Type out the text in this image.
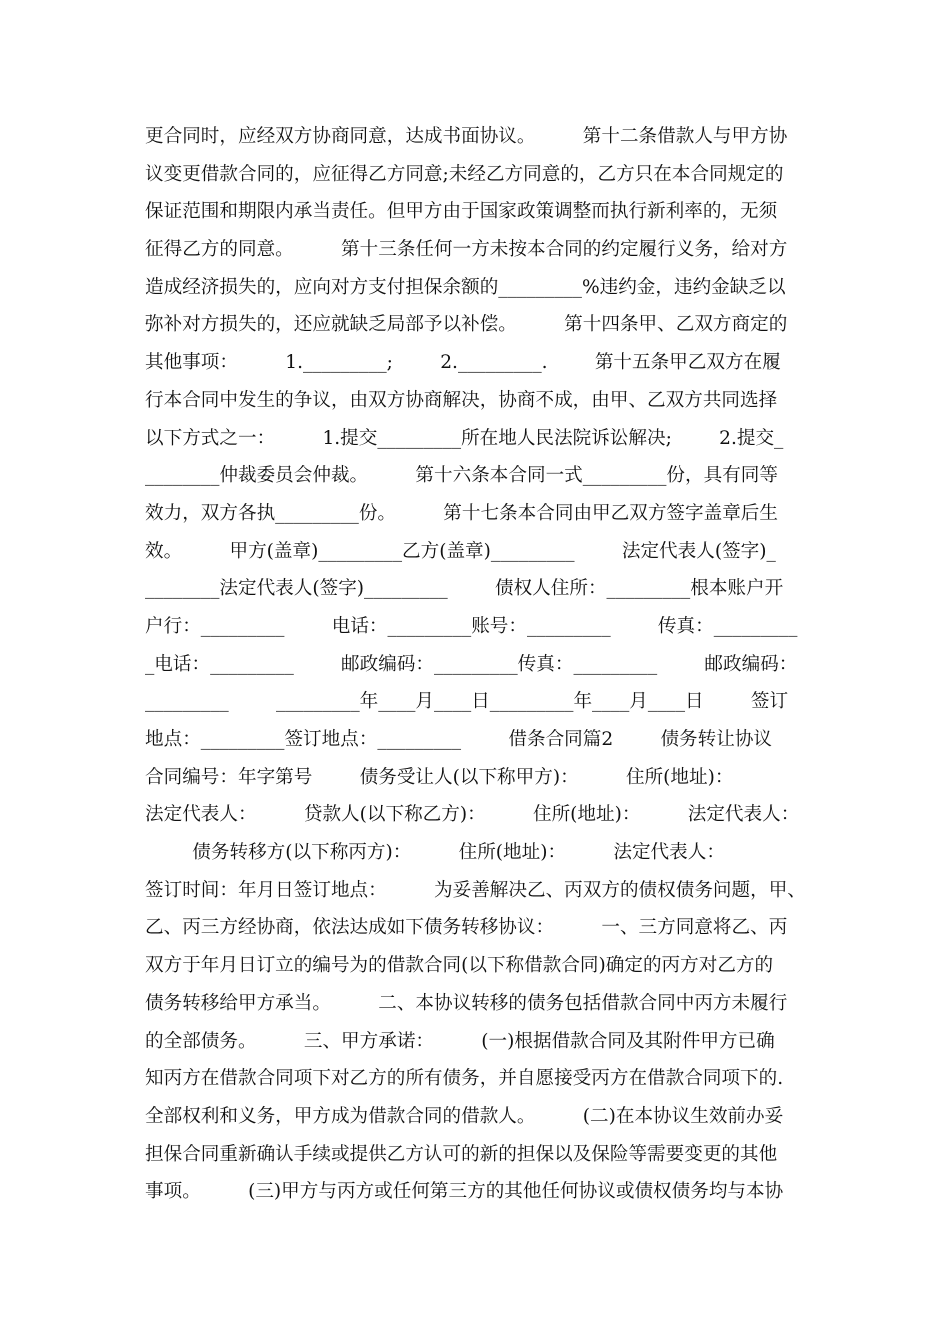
更合同时，应经双方协商同意，达成书面协议。        第十二条借款人与甲方协
议变更借款合同的，应征得乙方同意;未经乙方同意的，乙方只在本合同规定的
保证范围和期限内承当责任。但甲方由于国家政策调整而执行新利率的，无须
征得乙方的同意。        第十三条任何一方未按本合同的约定履行义务，给对方
造成经济损失的，应向对方支付担保余额的_________%违约金，违约金缺乏以
弥补对方损失的，还应就缺乏局部予以补偿。        第十四条甲、乙双方商定的
其他事项：        1._________;        2._________.        第十五条甲乙双方在履
行本合同中发生的争议，由双方协商解决，协商不成，由甲、乙双方共同选择
以下方式之一：        1.提交_________所在地人民法院诉讼解决;        2.提交_
________仲裁委员会仲裁。        第十六条本合同一式_________份，具有同等
效力，双方各执_________份。        第十七条本合同由甲乙双方签字盖章后生
效。        甲方(盖章)_________乙方(盖章)_________        法定代表人(签字)_
________法定代表人(签字)_________        债权人住所：_________根本账户开
户行：_________        电话：_________账号：_________        传真：_________
_电话：_________        邮政编码：_________传真：_________        邮政编码：
_________        _________年____月____日_________年____月____日        签订
地点：_________签订地点：_________        借条合同篇2        债务转让协议
合同编号：年字第号        债务受让人(以下称甲方)：        住所(地址)：
法定代表人：        贷款人(以下称乙方)：        住所(地址)：        法定代表人：
债务转移方(以下称丙方)：        住所(地址)：        法定代表人：
签订时间：年月日签订地点：        为妥善解决乙、丙双方的债权债务问题，甲、
乙、丙三方经协商，依法达成如下债务转移协议：        一、三方同意将乙、丙
双方于年月日订立的编号为的借款合同(以下称借款合同)确定的丙方对乙方的
债务转移给甲方承当。        二、本协议转移的债务包括借款合同中丙方未履行
的全部债务。        三、甲方承诺：        (一)根据借款合同及其附件甲方已确
知丙方在借款合同项下对乙方的所有债务，并自愿接受丙方在借款合同项下的.
全部权利和义务，甲方成为借款合同的借款人。        (二)在本协议生效前办妥
担保合同重新确认手续或提供乙方认可的新的担保以及保险等需要变更的其他
事项。        (三)甲方与丙方或任何第三方的其他任何协议或债权债务均与本协
